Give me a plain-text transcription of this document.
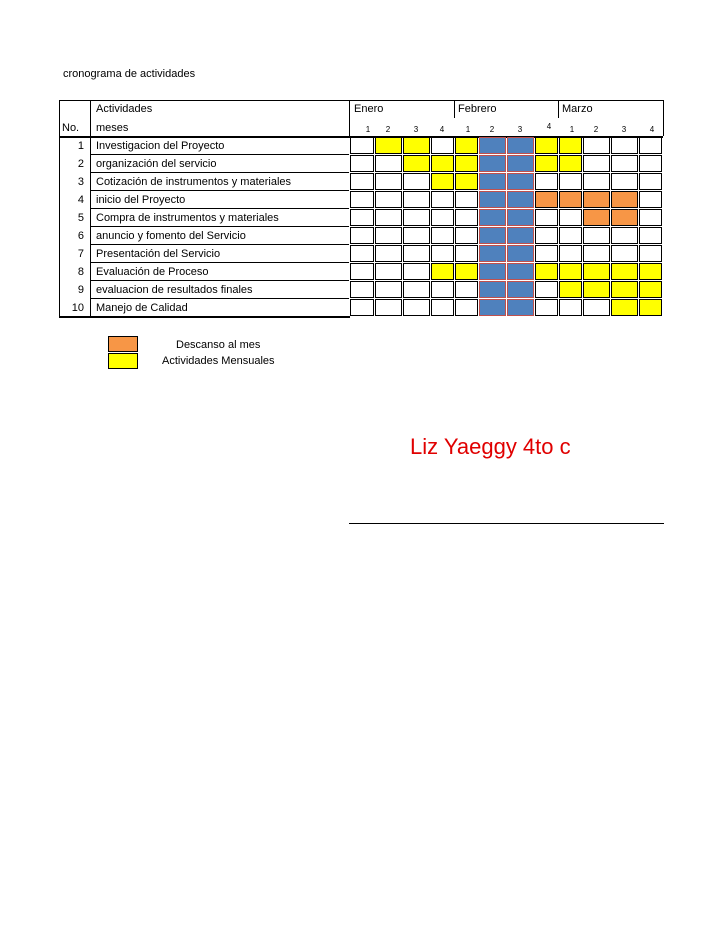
cronograma de actividades
Actividades
No. meses
Enero	Febrero	Marzo
1	2	3	4	1	2	3	4	1	2	3	4
1 Investigacion del Proyecto
2 organización del servicio
3 Cotización de instrumentos y materiales
4 inicio del Proyecto
5 Compra de instrumentos y materiales
6 anuncio y fomento del Servicio
7 Presentación del Servicio
8 Evaluación de Proceso
9 evaluacion de resultados finales
10 Manejo de Calidad
Descanso al mes
Actividades Mensuales
Liz Yaeggy 4to c
